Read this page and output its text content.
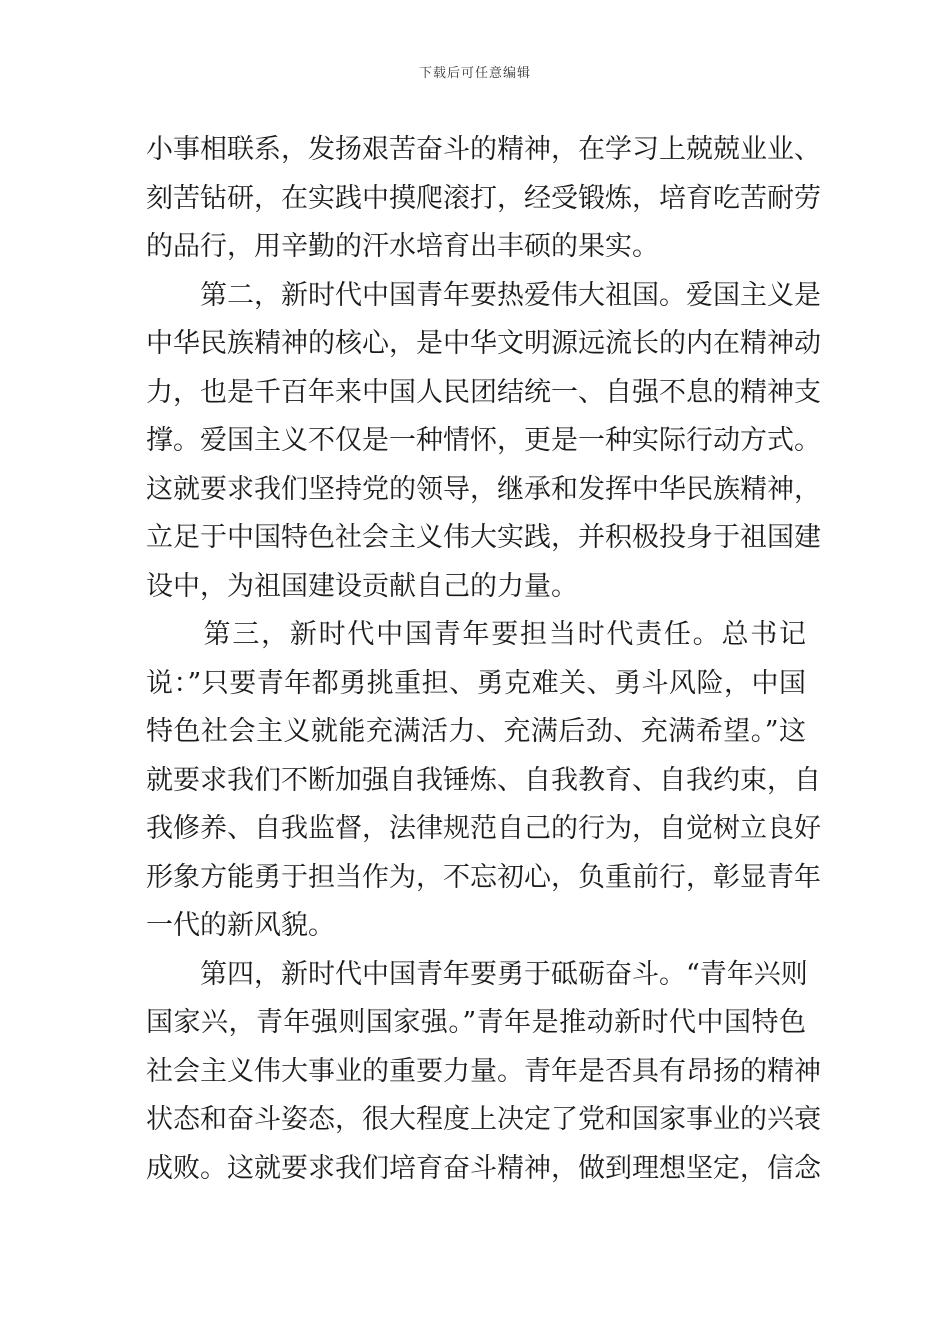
下载后可任意编辑
小事相联系，发扬艰苦奋斗的精神，在学习上兢兢业业、
刻苦钻研，在实践中摸爬滚打，经受锻炼，培育吃苦耐劳
的品行，用辛勤的汗水培育出丰硕的果实。
　　第二，新时代中国青年要热爱伟大祖国。爱国主义是
中华民族精神的核心，是中华文明源远流长的内在精神动
力，也是千百年来中国人民团结统一、自强不息的精神支
撑。爱国主义不仅是一种情怀，更是一种实际行动方式。
这就要求我们坚持党的领导，继承和发挥中华民族精神，
立足于中国特色社会主义伟大实践，并积极投身于祖国建
设中，为祖国建设贡献自己的力量。
　　第三，新时代中国青年要担当时代责任。总书记
说：”只要青年都勇挑重担、勇克难关、勇斗风险，中国
特色社会主义就能充满活力、充满后劲、充满希望。”这
就要求我们不断加强自我锤炼、自我教育、自我约束，自
我修养、自我监督，法律规范自己的行为，自觉树立良好
形象方能勇于担当作为，不忘初心，负重前行，彰显青年
一代的新风貌。
　　第四，新时代中国青年要勇于砥砺奋斗。“青年兴则
国家兴，青年强则国家强。”青年是推动新时代中国特色
社会主义伟大事业的重要力量。青年是否具有昂扬的精神
状态和奋斗姿态，很大程度上决定了党和国家事业的兴衰
成败。这就要求我们培育奋斗精神，做到理想坚定，信念
